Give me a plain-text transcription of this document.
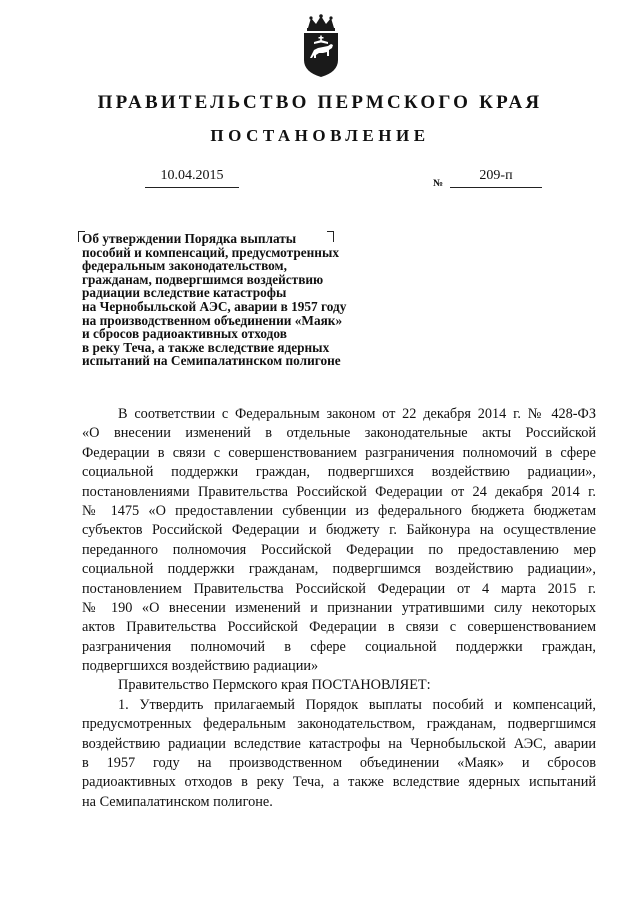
ПРАВИТЕЛЬСТВО ПЕРМСКОГО КРАЯ
ПОСТАНОВЛЕНИЕ
10.04.2015
№
209-п
Об утверждении Порядка выплаты
пособий и компенсаций, предусмотренных
федеральным законодательством,
гражданам, подвергшимся воздействию
радиации вследствие катастрофы
на Чернобыльской АЭС, аварии в 1957 году
на производственном объединении «Маяк»
и сбросов радиоактивных отходов
в реку Теча, а также вследствие ядерных
испытаний на Семипалатинском полигоне
В соответствии с Федеральным законом от 22 декабря 2014 г. № 428-ФЗ
«О внесении изменений в отдельные законодательные акты Российской
Федерации в связи с совершенствованием разграничения полномочий в сфере
социальной поддержки граждан, подвергшихся воздействию радиации»,
постановлениями Правительства Российской Федерации от 24 декабря 2014 г.
№ 1475 «О предоставлении субвенции из федерального бюджета бюджетам
субъектов Российской Федерации и бюджету г. Байконура на осуществление
переданного полномочия Российской Федерации по предоставлению мер
социальной поддержки гражданам, подвергшимся воздействию радиации»,
постановлением Правительства Российской Федерации от 4 марта 2015 г.
№ 190 «О внесении изменений и признании утратившими силу некоторых
актов Правительства Российской Федерации в связи с совершенствованием
разграничения полномочий в сфере социальной поддержки граждан,
подвергшихся воздействию радиации»
Правительство Пермского края ПОСТАНОВЛЯЕТ:
1. Утвердить прилагаемый Порядок выплаты пособий и компенсаций,
предусмотренных федеральным законодательством, гражданам, подвергшимся
воздействию радиации вследствие катастрофы на Чернобыльской АЭС, аварии
в 1957 году на производственном объединении «Маяк» и сбросов
радиоактивных отходов в реку Теча, а также вследствие ядерных испытаний
на Семипалатинском полигоне.
